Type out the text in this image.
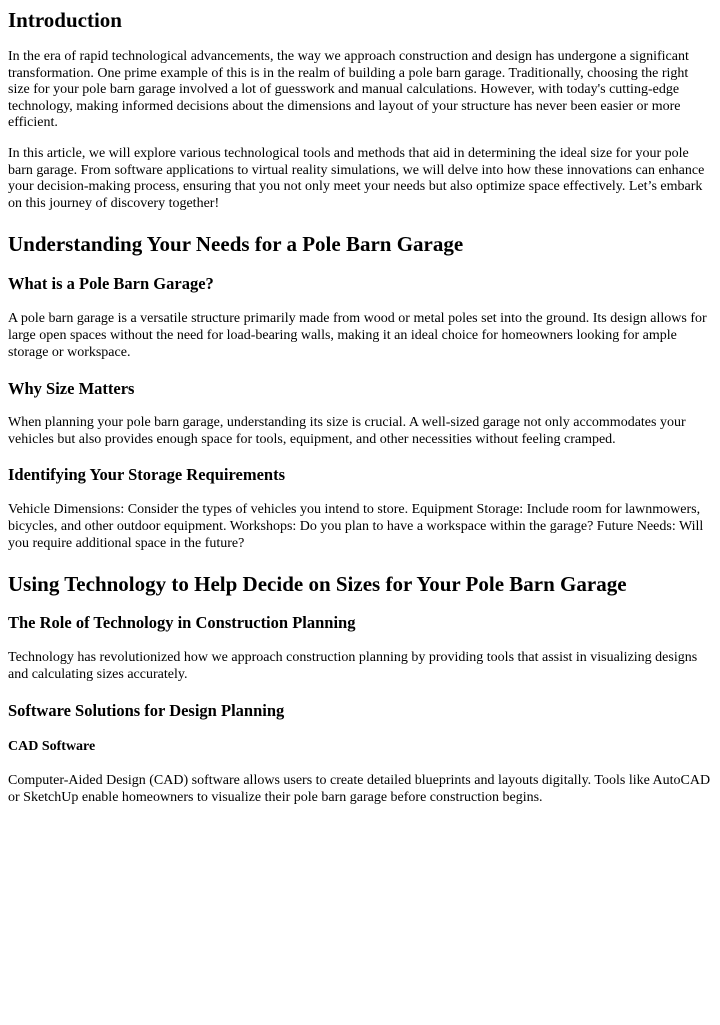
Introduction

In the era of rapid technological advancements, the way we approach construction and design has undergone a significant transformation. One prime example of this is in the realm of building a pole barn garage. Traditionally, choosing the right size for your pole barn garage involved a lot of guesswork and manual calculations. However, with today's cutting-edge technology, making informed decisions about the dimensions and layout of your structure has never been easier or more efficient.

In this article, we will explore various technological tools and methods that aid in determining the ideal size for your pole barn garage. From software applications to virtual reality simulations, we will delve into how these innovations can enhance your decision-making process, ensuring that you not only meet your needs but also optimize space effectively. Let’s embark on this journey of discovery together!

Understanding Your Needs for a Pole Barn Garage
What is a Pole Barn Garage?

A pole barn garage is a versatile structure primarily made from wood or metal poles set into the ground. Its design allows for large open spaces without the need for load-bearing walls, making it an ideal choice for homeowners looking for ample storage or workspace.

Why Size Matters

When planning your pole barn garage, understanding its size is crucial. A well-sized garage not only accommodates your vehicles but also provides enough space for tools, equipment, and other necessities without feeling cramped.

Identifying Your Storage Requirements

Vehicle Dimensions: Consider the types of vehicles you intend to store. Equipment Storage: Include room for lawnmowers, bicycles, and other outdoor equipment. Workshops: Do you plan to have a workspace within the garage? Future Needs: Will you require additional space in the future?

Using Technology to Help Decide on Sizes for Your Pole Barn Garage
The Role of Technology in Construction Planning

Technology has revolutionized how we approach construction planning by providing tools that assist in visualizing designs and calculating sizes accurately.

Software Solutions for Design Planning
CAD Software

Computer-Aided Design (CAD) software allows users to create detailed blueprints and layouts digitally. Tools like AutoCAD or SketchUp enable homeowners to visualize their pole barn garage before construction begins.
